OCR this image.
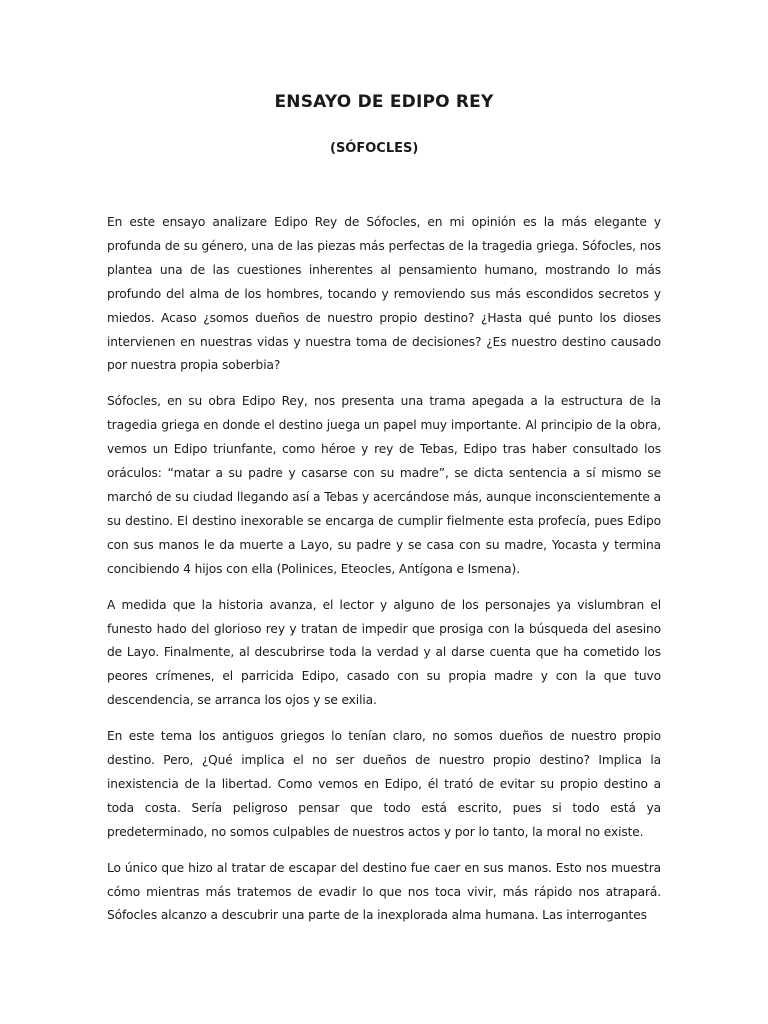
ENSAYO DE EDIPO REY
(SÓFOCLES)

En este ensayo analizare Edipo Rey de Sófocles, en mi opinión es la más elegante y profunda de su género, una de las piezas más perfectas de la tragedia griega. Sófocles, nos plantea una de las cuestiones inherentes al pensamiento humano, mostrando lo más profundo del alma de los hombres, tocando y removiendo sus más escondidos secretos y miedos. Acaso ¿somos dueños de nuestro propio destino? ¿Hasta qué punto los dioses intervienen en nuestras vidas y nuestra toma de decisiones? ¿Es nuestro destino causado por nuestra propia soberbia?

Sófocles, en su obra Edipo Rey, nos presenta una trama apegada a la estructura de la tragedia griega en donde el destino juega un papel muy importante. Al principio de la obra, vemos un Edipo triunfante, como héroe y rey de Tebas, Edipo tras haber consultado los oráculos: “matar a su padre y casarse con su madre”, se dicta sentencia a sí mismo se marchó de su ciudad llegando así a Tebas y acercándose más, aunque inconscientemente a su destino. El destino inexorable se encarga de cumplir fielmente esta profecía, pues Edipo con sus manos le da muerte a Layo, su padre y se casa con su madre, Yocasta y termina concibiendo 4 hijos con ella (Polinices, Eteocles, Antígona e Ismena).

A medida que la historia avanza, el lector y alguno de los personajes ya vislumbran el funesto hado del glorioso rey y tratan de impedir que prosiga con la búsqueda del asesino de Layo. Finalmente, al descubrirse toda la verdad y al darse cuenta que ha cometido los peores crímenes, el parricida Edipo, casado con su propia madre y con la que tuvo descendencia, se arranca los ojos y se exilia.

En este tema los antiguos griegos lo tenían claro, no somos dueños de nuestro propio destino. Pero, ¿Qué implica el no ser dueños de nuestro propio destino? Implica la inexistencia de la libertad. Como vemos en Edipo, él trató de evitar su propio destino a toda costa. Sería peligroso pensar que todo está escrito, pues si todo está ya predeterminado, no somos culpables de nuestros actos y por lo tanto, la moral no existe.

Lo único que hizo al tratar de escapar del destino fue caer en sus manos. Esto nos muestra cómo mientras más tratemos de evadir lo que nos toca vivir, más rápido nos atrapará. Sófocles alcanzo a descubrir una parte de la inexplorada alma humana. Las interrogantes
